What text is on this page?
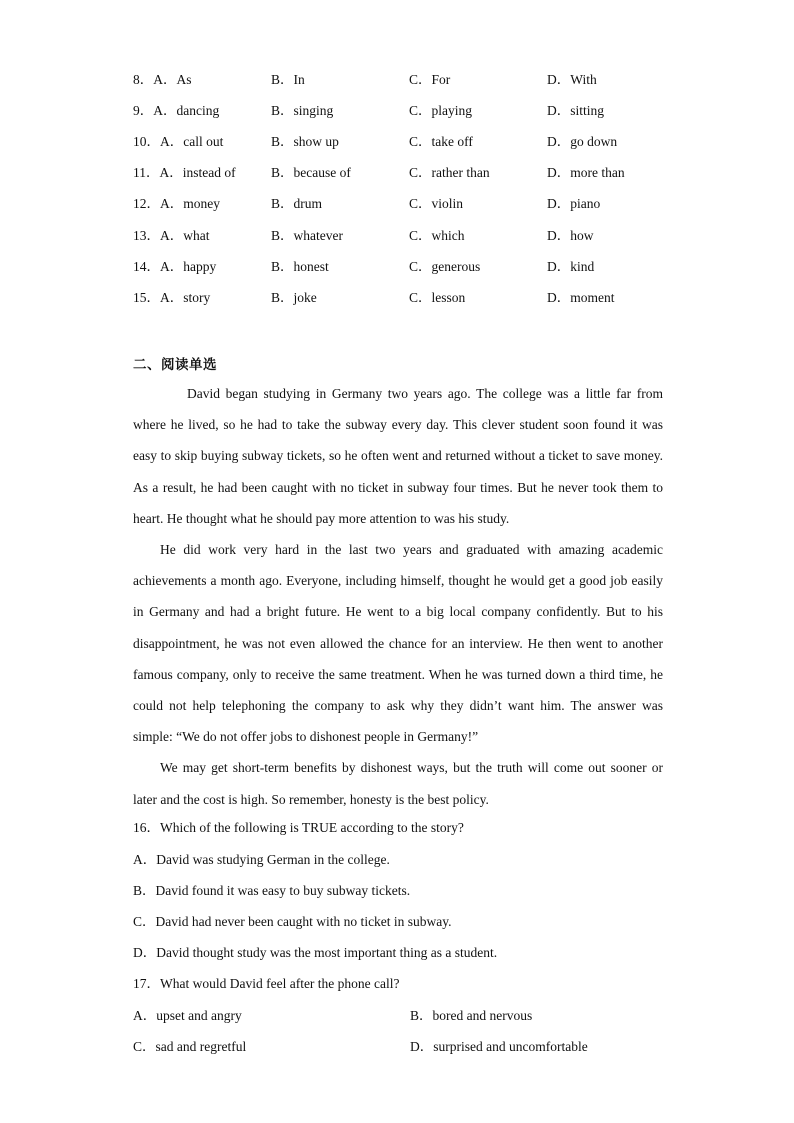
8．A．As	B．In	C．For	D．With
9．A．dancing	B．singing	C．playing	D．sitting
10．A．call out	B．show up	C．take off	D．go down
11．A．instead of	B．because of	C．rather than	D．more than
12．A．money	B．drum	C．violin	D．piano
13．A．what	B．whatever	C．which	D．how
14．A．happy	B．honest	C．generous	D．kind
15．A．story	B．joke	C．lesson	D．moment
二、阅读单选

David began studying in Germany two years ago. The college was a little far from where he lived, so he had to take the subway every day. This clever student soon found it was easy to skip buying subway tickets, so he often went and returned without a ticket to save money. As a result, he had been caught with no ticket in subway four times. But he never took them to heart. He thought what he should pay more attention to was his study.

He did work very hard in the last two years and graduated with amazing academic achievements a month ago. Everyone, including himself, thought he would get a good job easily in Germany and had a bright future. He went to a big local company confidently. But to his disappointment, he was not even allowed the chance for an interview. He then went to another famous company, only to receive the same treatment. When he was turned down a third time, he could not help telephoning the company to ask why they didn’t want him. The answer was simple: “We do not offer jobs to dishonest people in Germany!”

We may get short-term benefits by dishonest ways, but the truth will come out sooner or later and the cost is high. So remember, honesty is the best policy.

16．Which of the following is TRUE according to the story?
A．David was studying German in the college.
B．David found it was easy to buy subway tickets.
C．David had never been caught with no ticket in subway.
D．David thought study was the most important thing as a student.
17．What would David feel after the phone call?
A．upset and angry	B．bored and nervous
C．sad and regretful	D．surprised and uncomfortable
